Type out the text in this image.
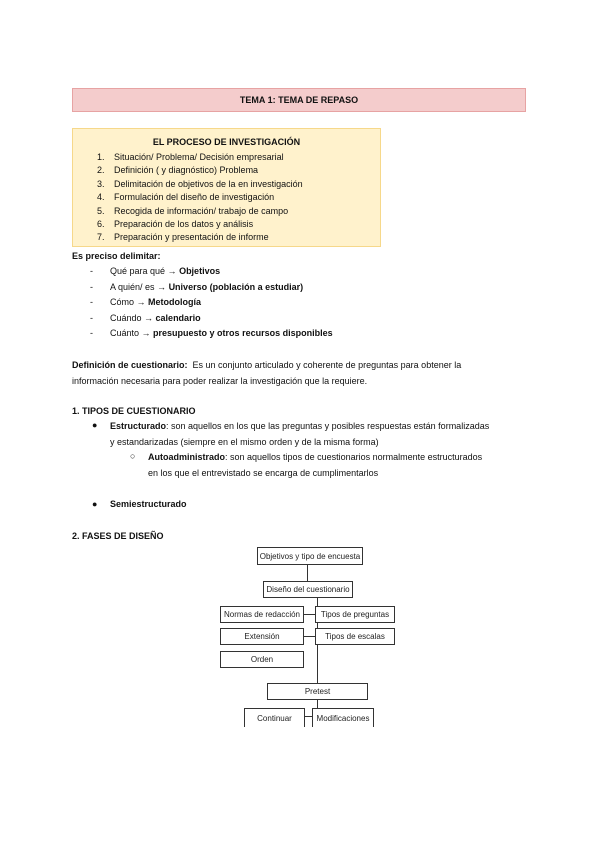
TEMA 1: TEMA DE REPASO
EL PROCESO DE INVESTIGACIÓN
1. Situación/ Problema/ Decisión empresarial
2. Definición ( y diagnóstico) Problema
3. Delimitación de objetivos de la en investigación
4. Formulación del diseño de investigación
5. Recogida de información/ trabajo de campo
6. Preparación de los datos y análisis
7. Preparación y presentación de informe
Es preciso delimitar:
- Qué para qué → Objetivos
- A quién/ es → Universo (población a estudiar)
- Cómo → Metodología
- Cuándo → calendario
- Cuánto → presupuesto y otros recursos disponibles
Definición de cuestionario: Es un conjunto articulado y coherente de preguntas para obtener la
información necesaria para poder realizar la investigación que la requiere.
1. TIPOS DE CUESTIONARIO
● Estructurado: son aquellos en los que las preguntas y posibles respuestas están formalizadas
y estandarizadas (siempre en el mismo orden y de la misma forma)
○ Autoadministrado: son aquellos tipos de cuestionarios normalmente estructurados
en los que el entrevistado se encarga de cumplimentarlos
● Semiestructurado
2. FASES DE DISEÑO
Objetivos y tipo de encuesta
Diseño del cuestionario
Normas de redacción	Tipos de preguntas
Extensión	Tipos de escalas
Orden
Pretest
Continuar	Modificaciones
